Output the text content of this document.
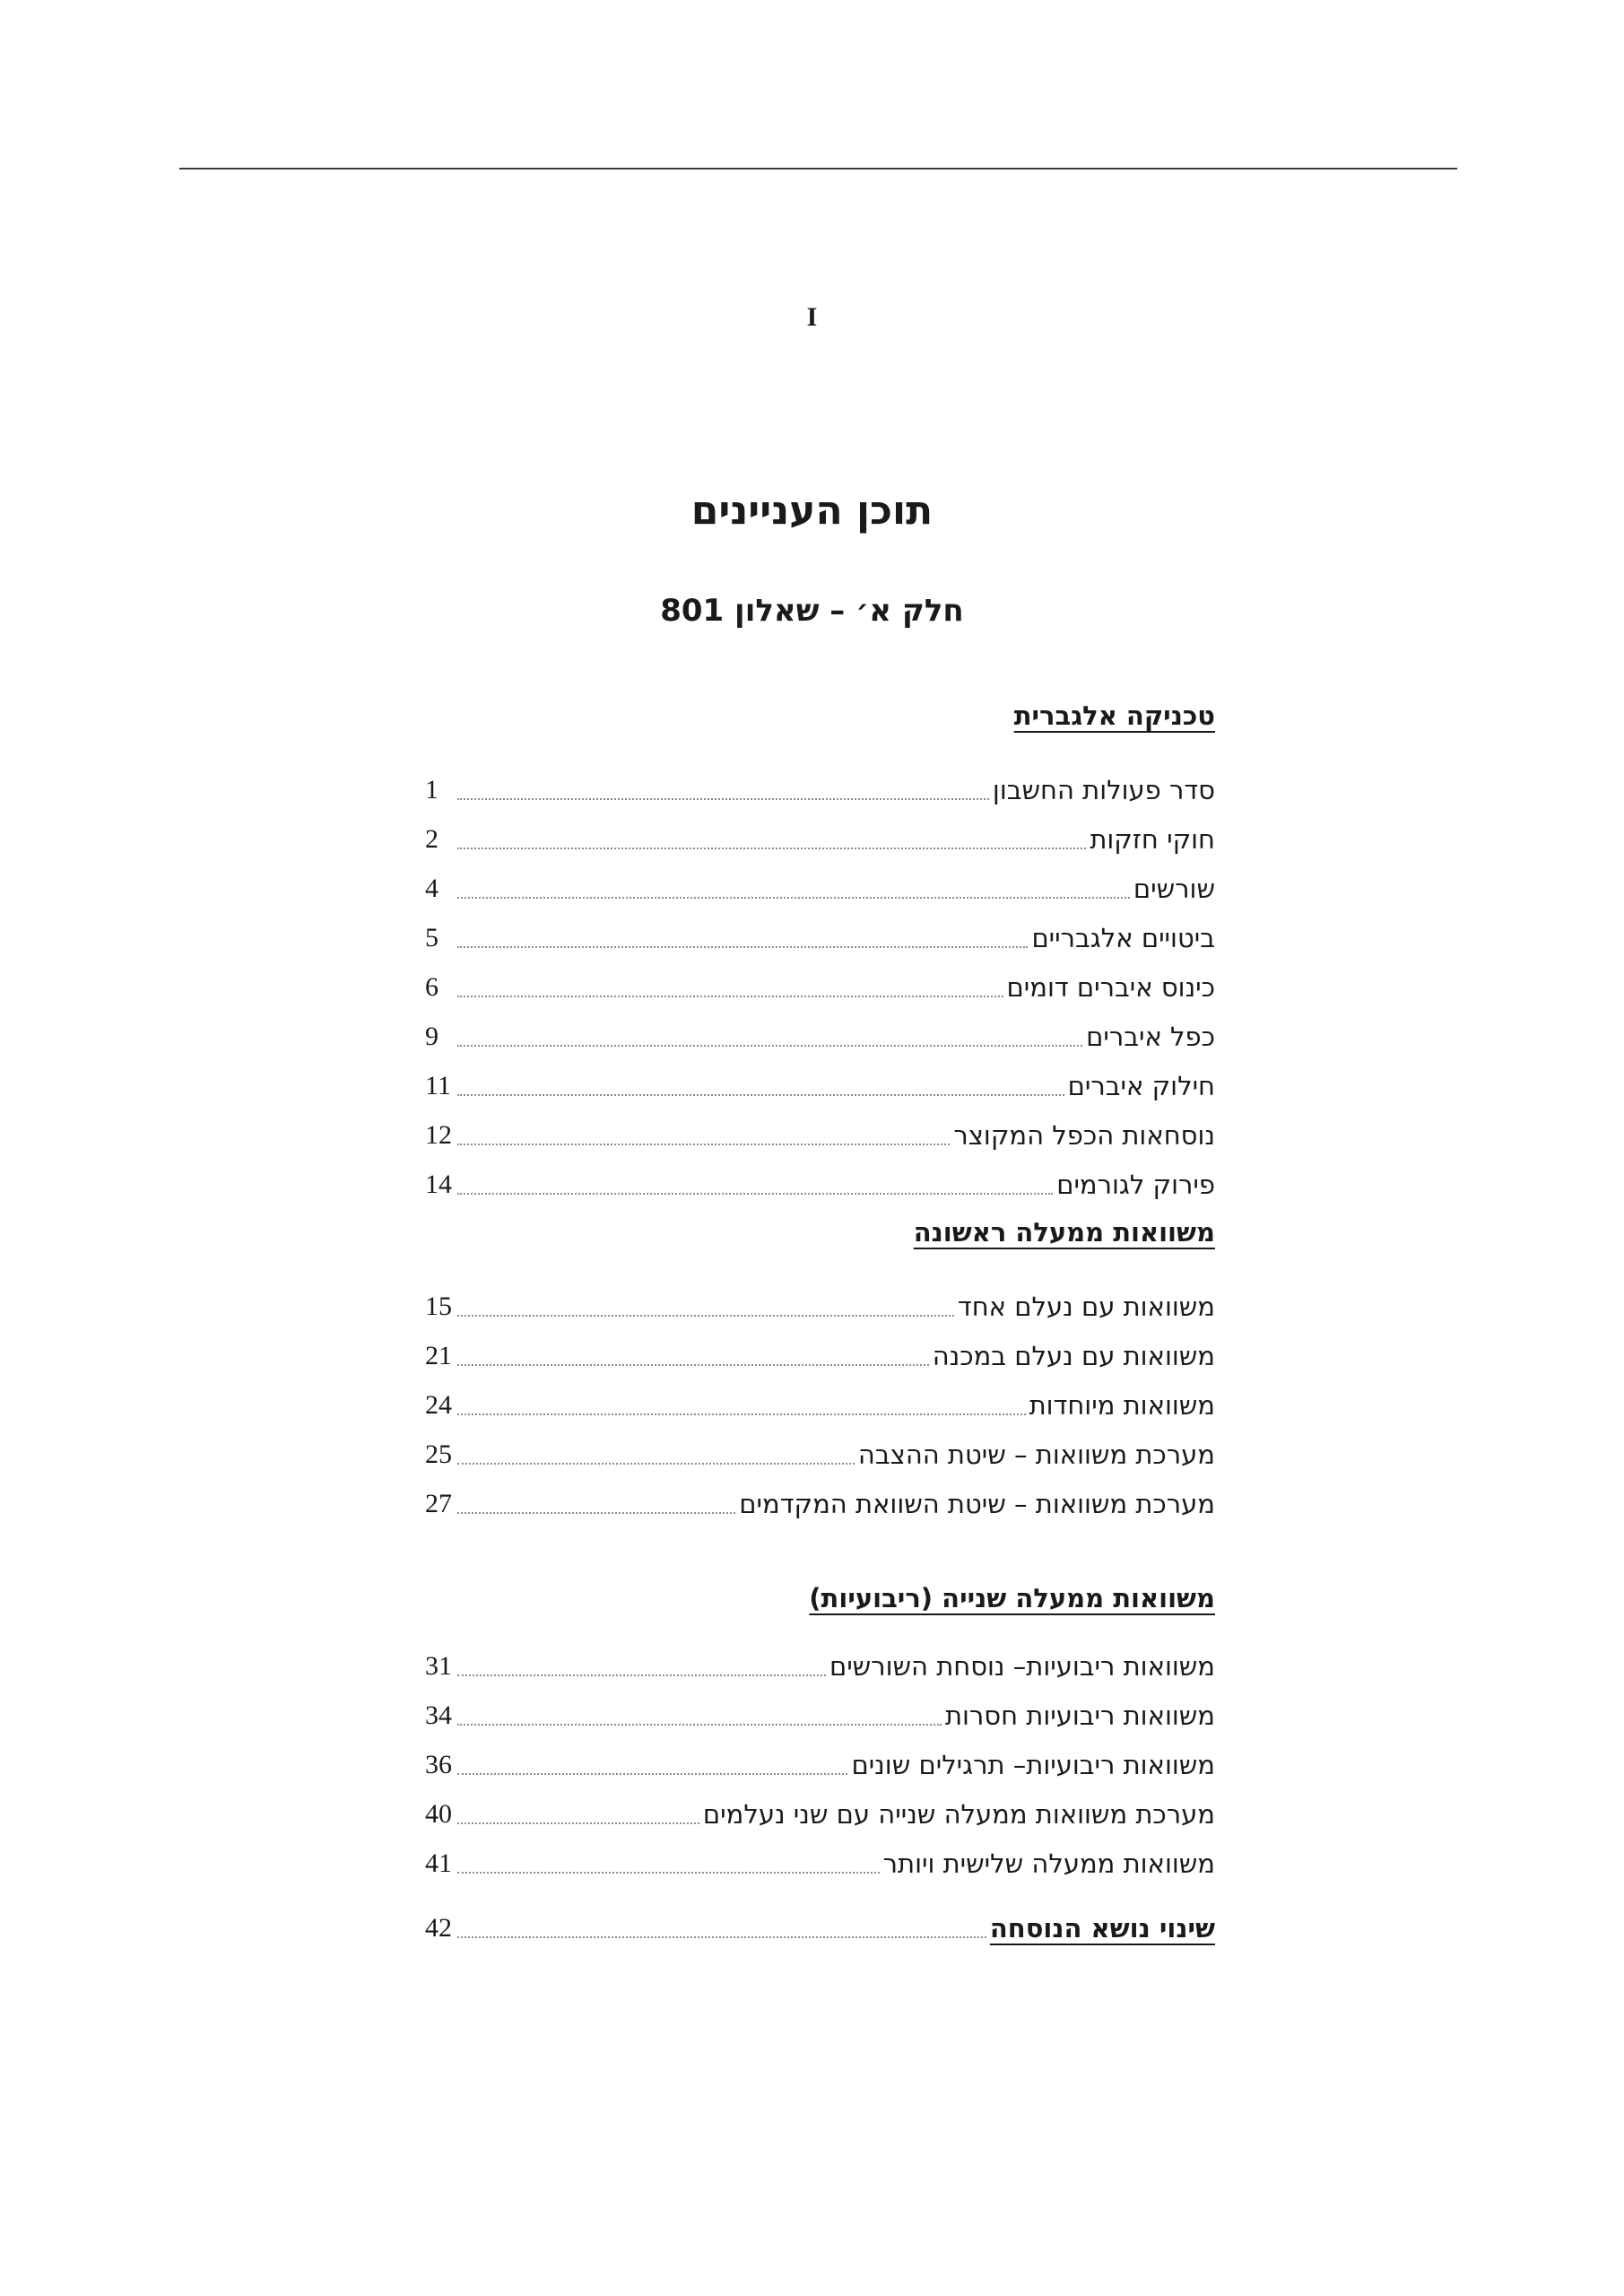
I
תוכן העניינים
חלק א׳ – שאלון 801
טכניקה אלגברית
סדר פעולות החשבון
1
חוקי חזקות
2
שורשים
4
ביטויים אלגבריים
5
כינוס איברים דומים
6
כפל איברים
9
חילוק איברים
11
נוסחאות הכפל המקוצר
12
פירוק לגורמים
14
משוואות ממעלה ראשונה
משוואות עם נעלם אחד
15
משוואות עם נעלם במכנה
21
משוואות מיוחדות
24
מערכת משוואות – שיטת ההצבה
25
מערכת משוואות – שיטת השוואת המקדמים
27
משוואות ממעלה שנייה (ריבועיות)
משוואות ריבועיות– נוסחת השורשים
31
משוואות ריבועיות חסרות
34
משוואות ריבועיות– תרגילים שונים
36
מערכת משוואות ממעלה שנייה עם שני נעלמים
40
משוואות ממעלה שלישית ויותר
41
שינוי נושא הנוסחה
42
